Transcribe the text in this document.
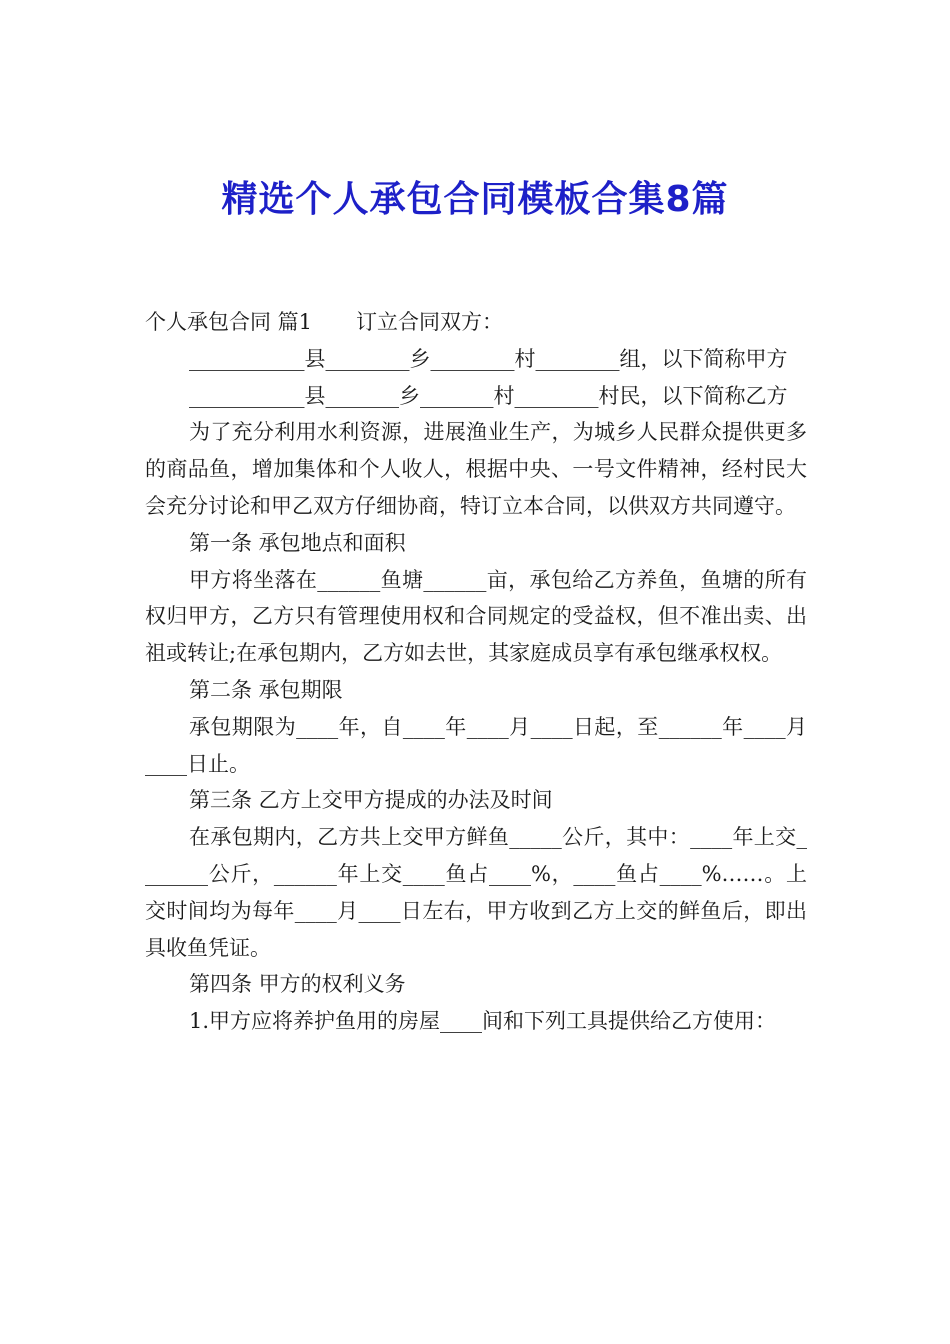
精选个人承包合同模板合集8篇

个人承包合同 篇1 订立合同双方：

___________县________乡________村________组，以下简称甲方

___________县_______乡_______村________村民，以下简称乙方

为了充分利用水利资源，进展渔业生产，为城乡人民群众提供更多的商品鱼，增加集体和个人收人，根据中央、一号文件精神，经村民大会充分讨论和甲乙双方仔细协商，特订立本合同，以供双方共同遵守。

第一条 承包地点和面积

甲方将坐落在______鱼塘______亩，承包给乙方养鱼，鱼塘的所有权归甲方，乙方只有管理使用权和合同规定的受益权，但不准出卖、出祖或转让;在承包期内，乙方如去世，其家庭成员享有承包继承权权。

第二条 承包期限

承包期限为____年，自____年____月____日起，至______年____月____日止。

第三条 乙方上交甲方提成的办法及时间

在承包期内，乙方共上交甲方鲜鱼_____公斤，其中：____年上交_______公斤，______年上交____鱼占____%，____鱼占____%……。上交时间均为每年____月____日左右，甲方收到乙方上交的鲜鱼后，即出具收鱼凭证。

第四条 甲方的权利义务

1.甲方应将养护鱼用的房屋____间和下列工具提供给乙方使用：
